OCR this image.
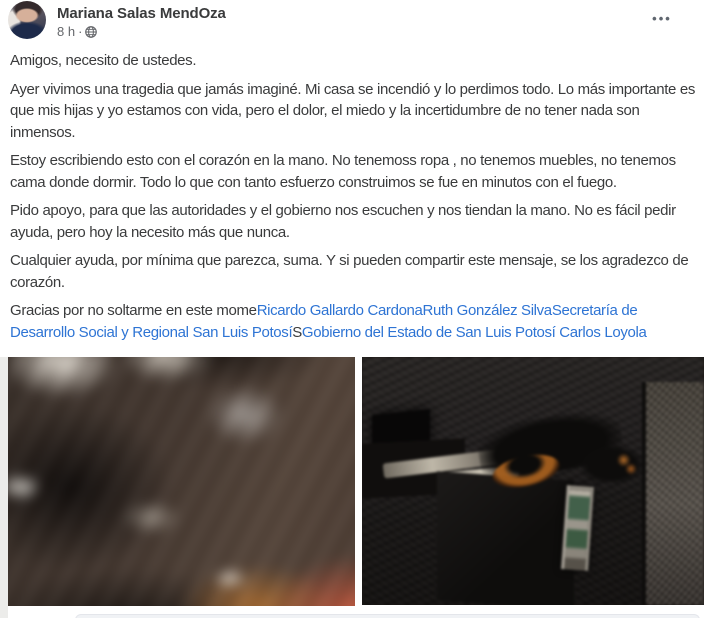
Mariana Salas MendOza
8 h ·
•••

Amigos, necesito de ustedes.

Ayer vivimos una tragedia que jamás imaginé. Mi casa se incendió y lo perdimos todo. Lo más importante es que mis hijas y yo estamos con vida, pero el dolor, el miedo y la incertidumbre de no tener nada son inmensos.

Estoy escribiendo esto con el corazón en la mano. No tenemoss ropa , no tenemos muebles, no tenemos cama donde dormir. Todo lo que con tanto esfuerzo construimos se fue en minutos con el fuego.

Pido apoyo, para que las autoridades y el gobierno nos escuchen y nos tiendan la mano. No es fácil pedir ayuda, pero hoy la necesito más que nunca.

Cualquier ayuda, por mínima que parezca, suma. Y si pueden compartir este mensaje, se los agradezco de corazón.

Gracias por no soltarme en este momeRicardo Gallardo CardonaRuth González SilvaSecretaría de Desarrollo Social y Regional San Luis PotosíSGobierno del Estado de San Luis Potosí Carlos Loyola
